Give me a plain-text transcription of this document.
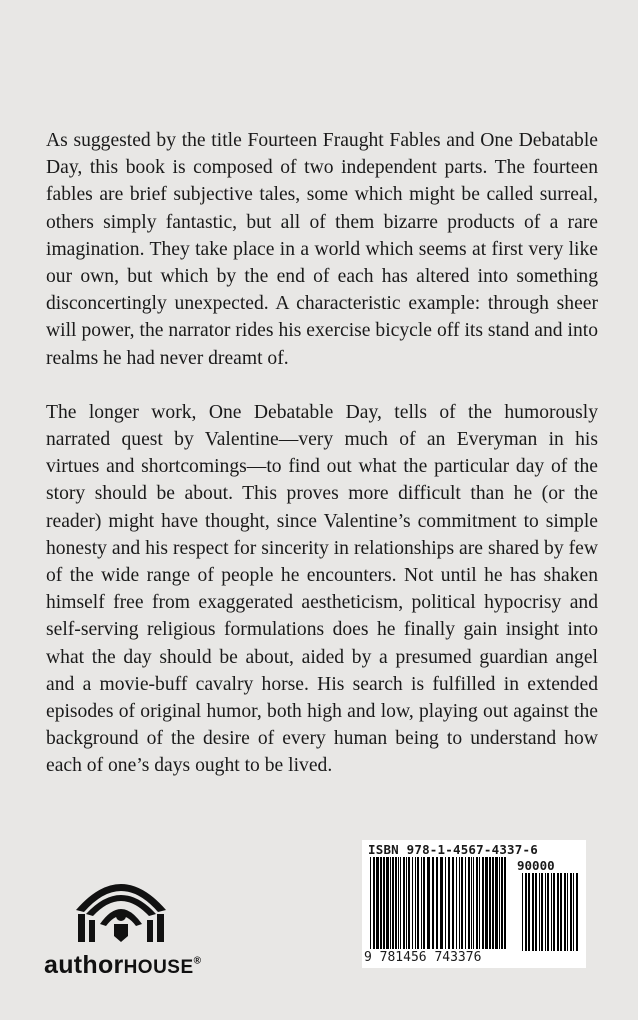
As suggested by the title Fourteen Fraught Fables and One Debatable Day, this book is composed of two independent parts. The fourteen fables are brief subjective tales, some which might be called surreal, others simply fantastic, but all of them bizarre products of a rare imagination. They take place in a world which seems at first very like our own, but which by the end of each has altered into something disconcertingly unexpected. A characteristic example: through sheer will power, the narrator rides his exercise bicycle off its stand and into realms he had never dreamt of.

The longer work, One Debatable Day, tells of the humorously narrated quest by Valentine—very much of an Everyman in his virtues and shortcomings—to find out what the particular day of the story should be about. This proves more difficult than he (or the reader) might have thought, since Valentine’s commitment to simple honesty and his respect for sincerity in relationships are shared by few of the wide range of people he encounters. Not until he has shaken himself free from exaggerated aestheticism, political hypocrisy and self-serving religious formulations does he finally gain insight into what the day should be about, aided by a presumed guardian angel and a movie-buff cavalry horse. His search is fulfilled in extended episodes of original humor, both high and low, playing out against the background of the desire of every human being to understand how each of one’s days ought to be lived.

authorHOUSE®
ISBN 978-1-4567-4337-6
90000
9 781456 743376
